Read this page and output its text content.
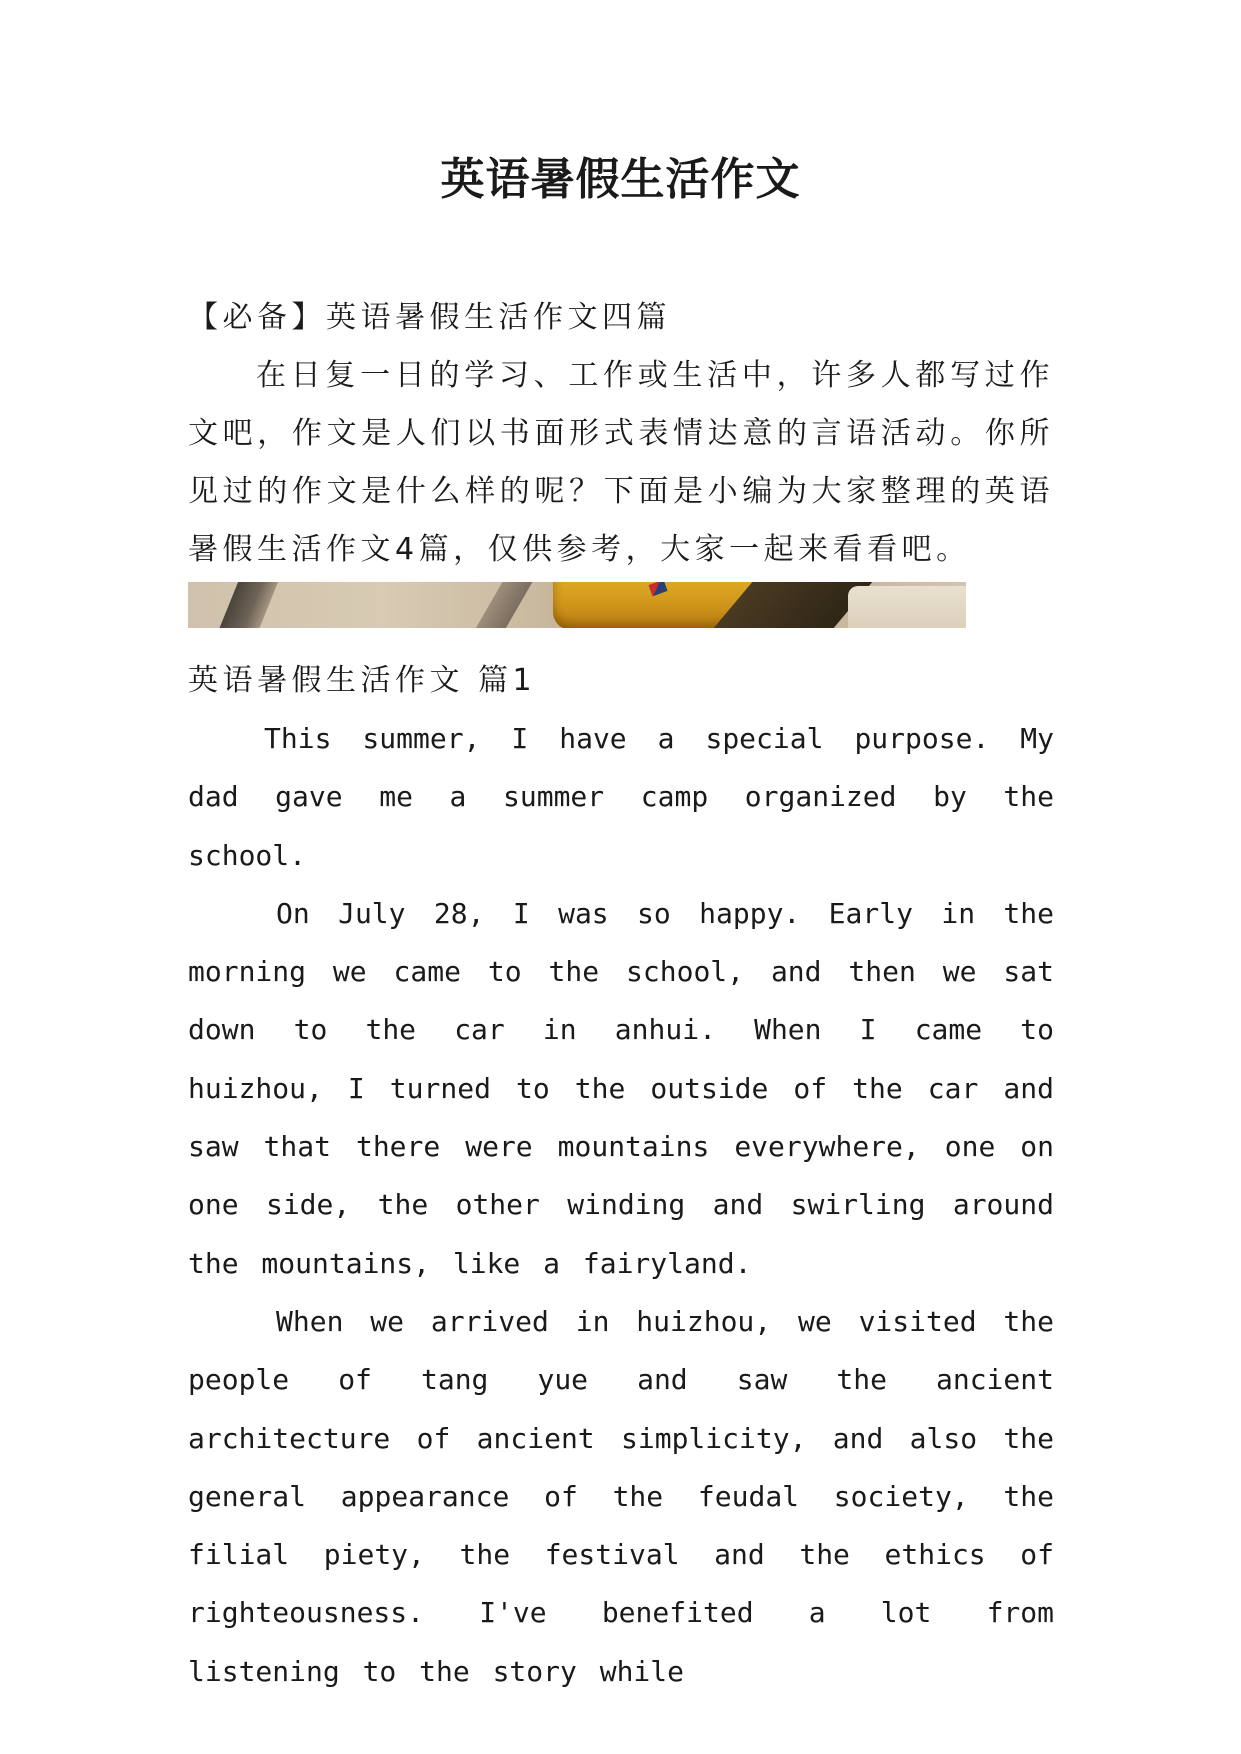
英语暑假生活作文

【必备】英语暑假生活作文四篇

在日复一日的学习、工作或生活中，许多人都写过作文吧，作文是人们以书面形式表情达意的言语活动。你所见过的作文是什么样的呢？下面是小编为大家整理的英语暑假生活作文4篇，仅供参考，大家一起来看看吧。

英语暑假生活作文 篇1

This summer, I have a special purpose. My dad gave me a summer camp organized by the school.

On July 28, I was so happy. Early in the morning we came to the school, and then we sat down to the car in anhui. When I came to huizhou, I turned to the outside of the car and saw that there were mountains everywhere, one on one side, the other winding and swirling around the mountains, like a fairyland.

When we arrived in huizhou, we visited the people of tang yue and saw the ancient architecture of ancient simplicity, and also the general appearance of the feudal society, the filial piety, the festival and the ethics of righteousness. I've benefited a lot from listening to the story while
